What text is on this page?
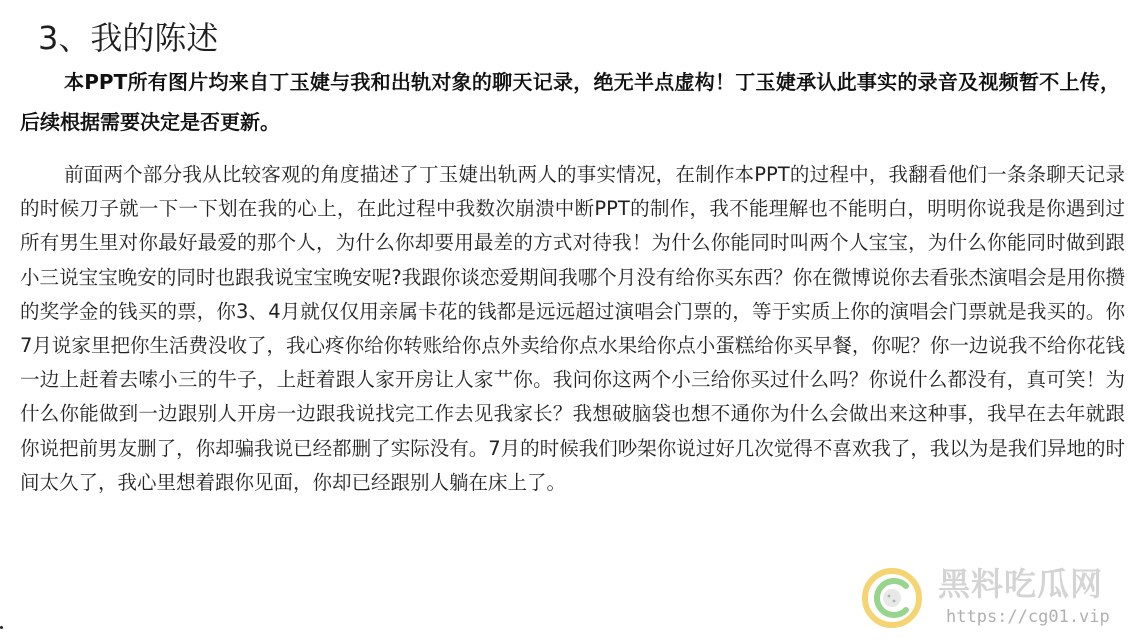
3、我的陈述

本PPT所有图片均来自丁玉婕与我和出轨对象的聊天记录，绝无半点虚构！丁玉婕承认此事实的录音及视频暂不上传，后续根据需要决定是否更新。

前面两个部分我从比较客观的角度描述了丁玉婕出轨两人的事实情况，在制作本PPT的过程中，我翻看他们一条条聊天记录的时候刀子就一下一下划在我的心上，在此过程中我数次崩溃中断PPT的制作，我不能理解也不能明白，明明你说我是你遇到过所有男生里对你最好最爱的那个人，为什么你却要用最差的方式对待我！为什么你能同时叫两个人宝宝，为什么你能同时做到跟小三说宝宝晚安的同时也跟我说宝宝晚安呢?我跟你谈恋爱期间我哪个月没有给你买东西？你在微博说你去看张杰演唱会是用你攒的奖学金的钱买的票，你3、4月就仅仅用亲属卡花的钱都是远远超过演唱会门票的，等于实质上你的演唱会门票就是我买的。你7月说家里把你生活费没收了，我心疼你给你转账给你点外卖给你点水果给你点小蛋糕给你买早餐，你呢？你一边说我不给你花钱一边上赶着去嗦小三的牛子，上赶着跟人家开房让人家艹你。我问你这两个小三给你买过什么吗？你说什么都没有，真可笑！为什么你能做到一边跟别人开房一边跟我说找完工作去见我家长？我想破脑袋也想不通你为什么会做出来这种事，我早在去年就跟你说把前男友删了，你却骗我说已经都删了实际没有。7月的时候我们吵架你说过好几次觉得不喜欢我了，我以为是我们异地的时间太久了，我心里想着跟你见面，你却已经跟别人躺在床上了。

黑料吃瓜网
https://cg01.vip
